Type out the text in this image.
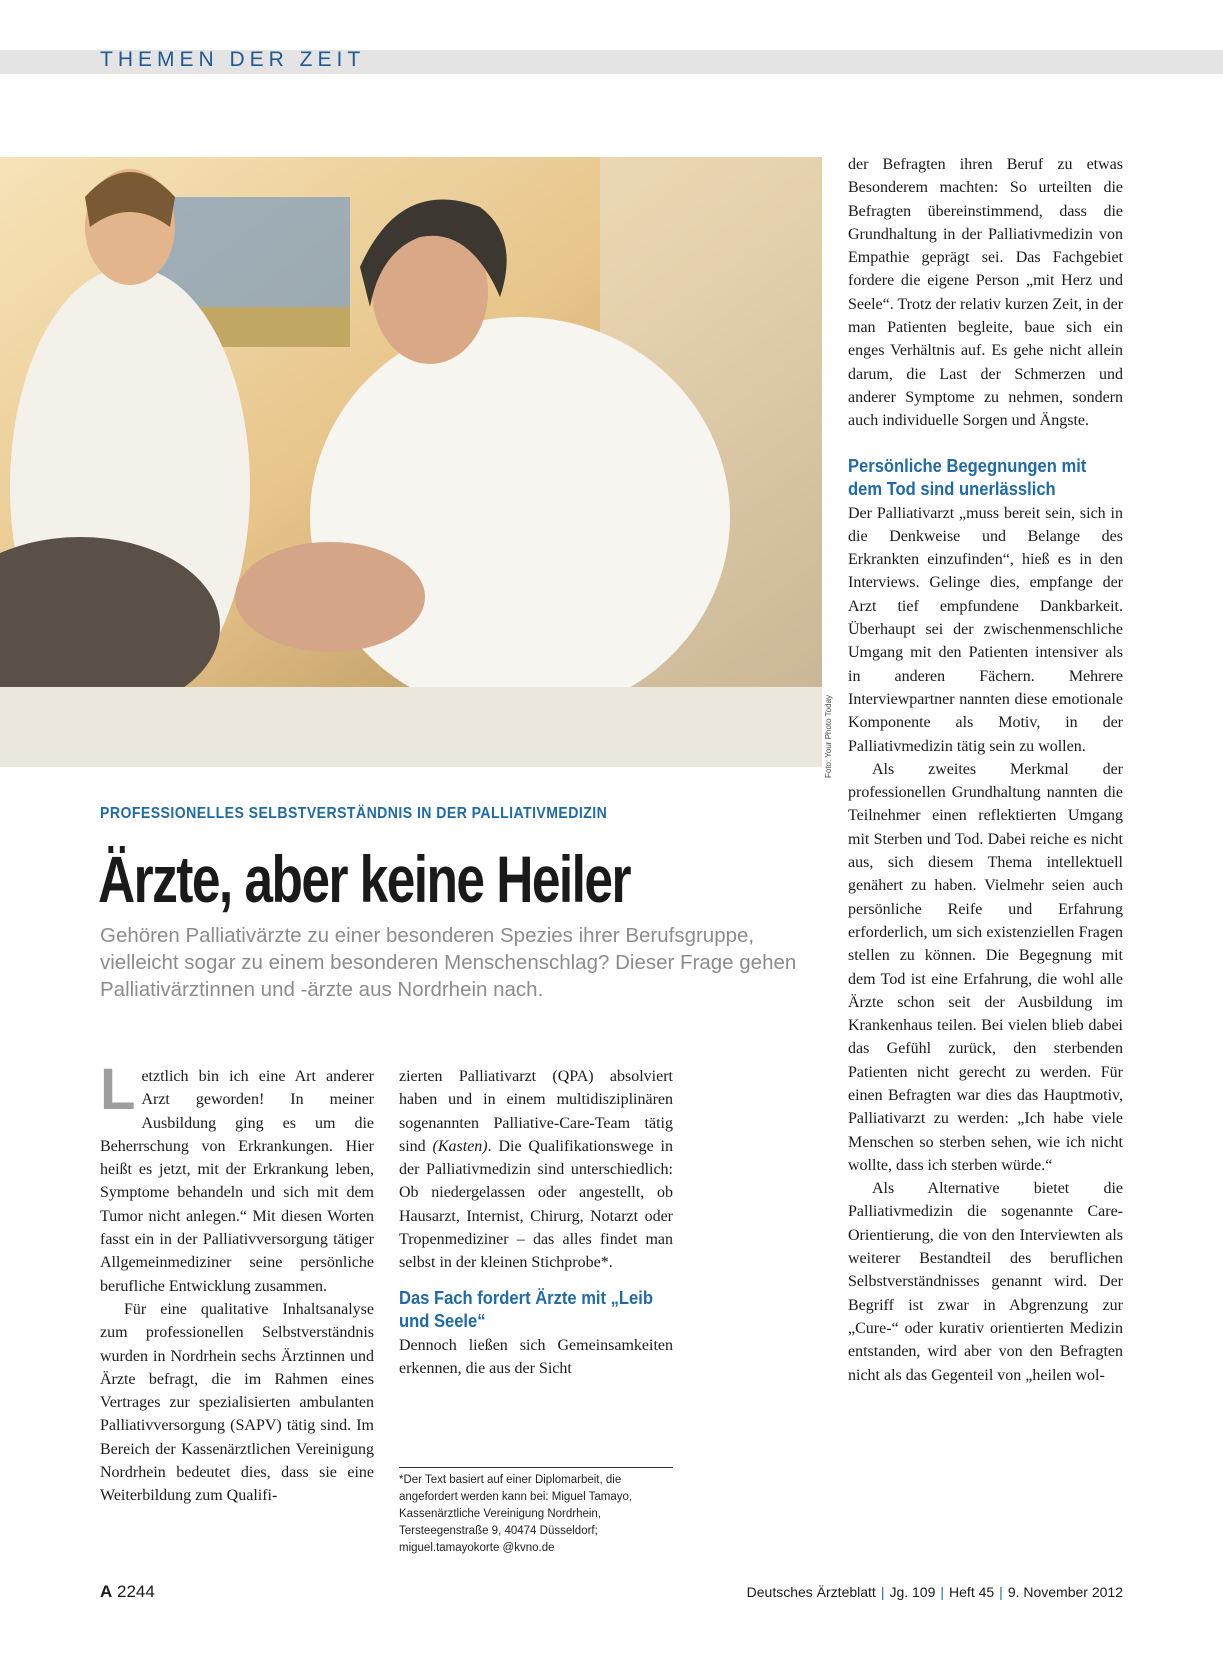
THEMEN DER ZEIT
Foto: Your Photo Today
PROFESSIONELLES SELBSTVERSTÄNDNIS IN DER PALLIATIVMEDIZIN
Ärzte, aber keine Heiler
Gehören Palliativärzte zu einer besonderen Spezies ihrer Berufsgruppe, vielleicht sogar zu einem besonderen Menschenschlag? Dieser Frage gehen Palliativärztinnen und -ärzte aus Nordrhein nach.

Letztlich bin ich eine Art anderer Arzt geworden! In meiner Ausbildung ging es um die Beherrschung von Erkrankungen. Hier heißt es jetzt, mit der Erkrankung leben, Symptome behandeln und sich mit dem Tumor nicht anlegen.“ Mit diesen Worten fasst ein in der Palliativversorgung tätiger Allgemeinmediziner seine persönliche berufliche Entwicklung zusammen.

Für eine qualitative Inhaltsanalyse zum professionellen Selbstverständnis wurden in Nordrhein sechs Ärztinnen und Ärzte befragt, die im Rahmen eines Vertrages zur spezialisierten ambulanten Palliativversorgung (SAPV) tätig sind. Im Bereich der Kassenärztlichen Vereinigung Nordrhein bedeutet dies, dass sie eine Weiterbildung zum Qualifi-

zierten Palliativarzt (QPA) absolviert haben und in einem multidisziplinären sogenannten Palliative-Care-Team tätig sind (Kasten). Die Qualifikationswege in der Palliativmedizin sind unterschiedlich: Ob niedergelassen oder angestellt, ob Hausarzt, Internist, Chirurg, Notarzt oder Tropenmediziner – das alles findet man selbst in der kleinen Stichprobe*.

Das Fach fordert Ärzte mit „Leib und Seele“

Dennoch ließen sich Gemeinsamkeiten erkennen, die aus der Sicht

*Der Text basiert auf einer Diplomarbeit, die angefordert werden kann bei: Miguel Tamayo, Kassenärztliche Vereinigung Nordrhein, Tersteegenstraße 9, 40474 Düsseldorf; miguel.tamayokorte @kvno.de

der Befragten ihren Beruf zu etwas Besonderem machten: So urteilten die Befragten übereinstimmend, dass die Grundhaltung in der Palliativmedizin von Empathie geprägt sei. Das Fachgebiet fordere die eigene Person „mit Herz und Seele“. Trotz der relativ kurzen Zeit, in der man Patienten begleite, baue sich ein enges Verhältnis auf. Es gehe nicht allein darum, die Last der Schmerzen und anderer Symptome zu nehmen, sondern auch individuelle Sorgen und Ängste.

Persönliche Begegnungen mit dem Tod sind unerlässlich

Der Palliativarzt „muss bereit sein, sich in die Denkweise und Belange des Erkrankten einzufinden“, hieß es in den Interviews. Gelinge dies, empfange der Arzt tief empfundene Dankbarkeit. Überhaupt sei der zwischenmenschliche Umgang mit den Patienten intensiver als in anderen Fächern. Mehrere Interviewpartner nannten diese emotionale Komponente als Motiv, in der Palliativmedizin tätig sein zu wollen.

Als zweites Merkmal der professionellen Grundhaltung nannten die Teilnehmer einen reflektierten Umgang mit Sterben und Tod. Dabei reiche es nicht aus, sich diesem Thema intellektuell genähert zu haben. Vielmehr seien auch persönliche Reife und Erfahrung erforderlich, um sich existenziellen Fragen stellen zu können. Die Begegnung mit dem Tod ist eine Erfahrung, die wohl alle Ärzte schon seit der Ausbildung im Krankenhaus teilen. Bei vielen blieb dabei das Gefühl zurück, den sterbenden Patienten nicht gerecht zu werden. Für einen Befragten war dies das Hauptmotiv, Palliativarzt zu werden: „Ich habe viele Menschen so sterben sehen, wie ich nicht wollte, dass ich sterben würde.“

Als Alternative bietet die Palliativmedizin die sogenannte Care-Orientierung, die von den Interviewten als weiterer Bestandteil des beruflichen Selbstverständnisses genannt wird. Der Begriff ist zwar in Abgrenzung zur „Cure-“ oder kurativ orientierten Medizin entstanden, wird aber von den Befragten nicht als das Gegenteil von „heilen wol-

A 2244	Deutsches Ärzteblatt | Jg. 109 | Heft 45 | 9. November 2012
